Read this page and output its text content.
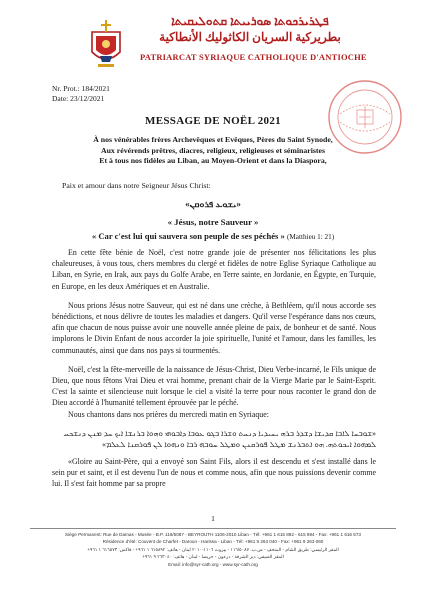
ܦܛܪܝܪܟܘܬܐ ܣܘܪܝܝܬܐ ܩܬܘܠܝܩܝܬܐ
بطريركية السريان الكاثوليك الأنطاكية
PATRIARCAT SYRIAQUE CATHOLIQUE D'ANTIOCHE
Nr. Prot.: 184/2021
Date: 23/12/2021
MESSAGE DE NOËL 2021
À nos vénérables frères Archevêques et Evêques, Pères du Saint Synode,
Aux révérends prêtres, diacres, religieux, religieuses et séminaristes
Et à tous nos fidèles au Liban, au Moyen-Orient et dans la Diaspora,
Paix et amour dans notre Seigneur Jésus Christ:
«ܝܫܘܥ ܦܪܘܩܢ»
« Jésus, notre Sauveur »
« Car c'est lui qui sauvera son peuple de ses péchés » (Matthieu 1: 21)

En cette fête bénie de Noël, c'est notre grande joie de présenter nos félicitations les plus chaleureuses, à vous tous, chers membres du clergé et fidèles de notre Eglise Syriaque Catholique au Liban, en Syrie, en Irak, aux pays du Golfe Arabe, en Terre sainte, en Jordanie, en Égypte, en Turquie, en Europe, en les deux Amériques et en Australie.

Nous prions Jésus notre Sauveur, qui est né dans une crèche, à Bethléem, qu'il nous accorde ses bénédictions, et nous délivre de toutes les maladies et dangers. Qu'il verse l'espérance dans nos cœurs, afin que chacun de nous puisse avoir une nouvelle année pleine de paix, de bonheur et de santé. Nous implorons le Divin Enfant de nous accorder la joie spirituelle, l'unité et l'amour, dans les familles, les communautés, ainsi que dans nos pays si tourmentés.

Noël, c'est la fête-merveille de la naissance de Jésus-Christ, Dieu Verbe-incarné, le Fils unique de Dieu, que nous fêtons Vrai Dieu et vrai homme, prenant chair de la Vierge Marie par le Saint-Esprit. C'est la sainte et silencieuse nuit lorsque le ciel a visité la terre pour nous raconter le grand don de Dieu accordé à l'humanité tellement éprouvée par le péché.

Nous chantons dans nos prières du mercredi matin en Syriaque:

«ܫܘܒܚܐ ܠܐܒܐ ܩܕܝܫܐ ܕܫܕܪ ܒܪܗ ܝܚܝܕܝܐ ܕܢܚܬ ܘܫܪܐ ܒܓܘ ܥܘܒܐ ܕܐܒܘܗܝ ܘܗܘܐ ܒܪܢܫܐ ܐܝܟ ܚܕ ܡܢܢ ܕܢܫܟܚ ܠܡܗܘܐ ܐܝܟܘܬܗ. ܗܘ ܐܬܒܪܢܫ ܡܛܠ ܦܘܪܩܢܢ ܘܡܛܠ ܚܘܒܗ ܪܒܐ ܘܢܗܘܐ ܠܢ ܦܘܪܩܢܐ ܠܥܠܡ»

«Gloire au Saint-Père, qui a envoyé son Saint Fils, alors il est descendu et s'est installé dans le sein pur et saint, et il est devenu l'un de nous et comme nous, afin que nous puissions devenir comme lui. Il s'est fait homme par sa propre

1
Siège Permanent: Rue de Damas - Musée - B.P. 116/5087 - BEYROUTH 1106-2010 Liban - Tél: +961 1 615 892 - 615 894 - Fax: +961 1 616 573
Résidence d'été: Couvent de Charfet - Daroun - Harissa - Liban - Tél: +961 9 263 040 - Fax: +961 9 263 060
المقر الرئيسي: طريق الشام - المتحف - ص.ب. ١١٦/٥٠٨٧ - بيروت ١١٠٦-٢٠١٠ لبنان - هاتف: ٦١٥٨٩٢ ١ ٩٦١+ - فاكس: ٦١٦٥٧٣ ١ ٩٦١+
المقر الصيفي: دير الشرفة - درعون - حريصا - لبنان - هاتف: ٢٦٣٠٤٠ ٩ ٩٦١+
Email: info@syr-cath.org - www.syr-cath.org
